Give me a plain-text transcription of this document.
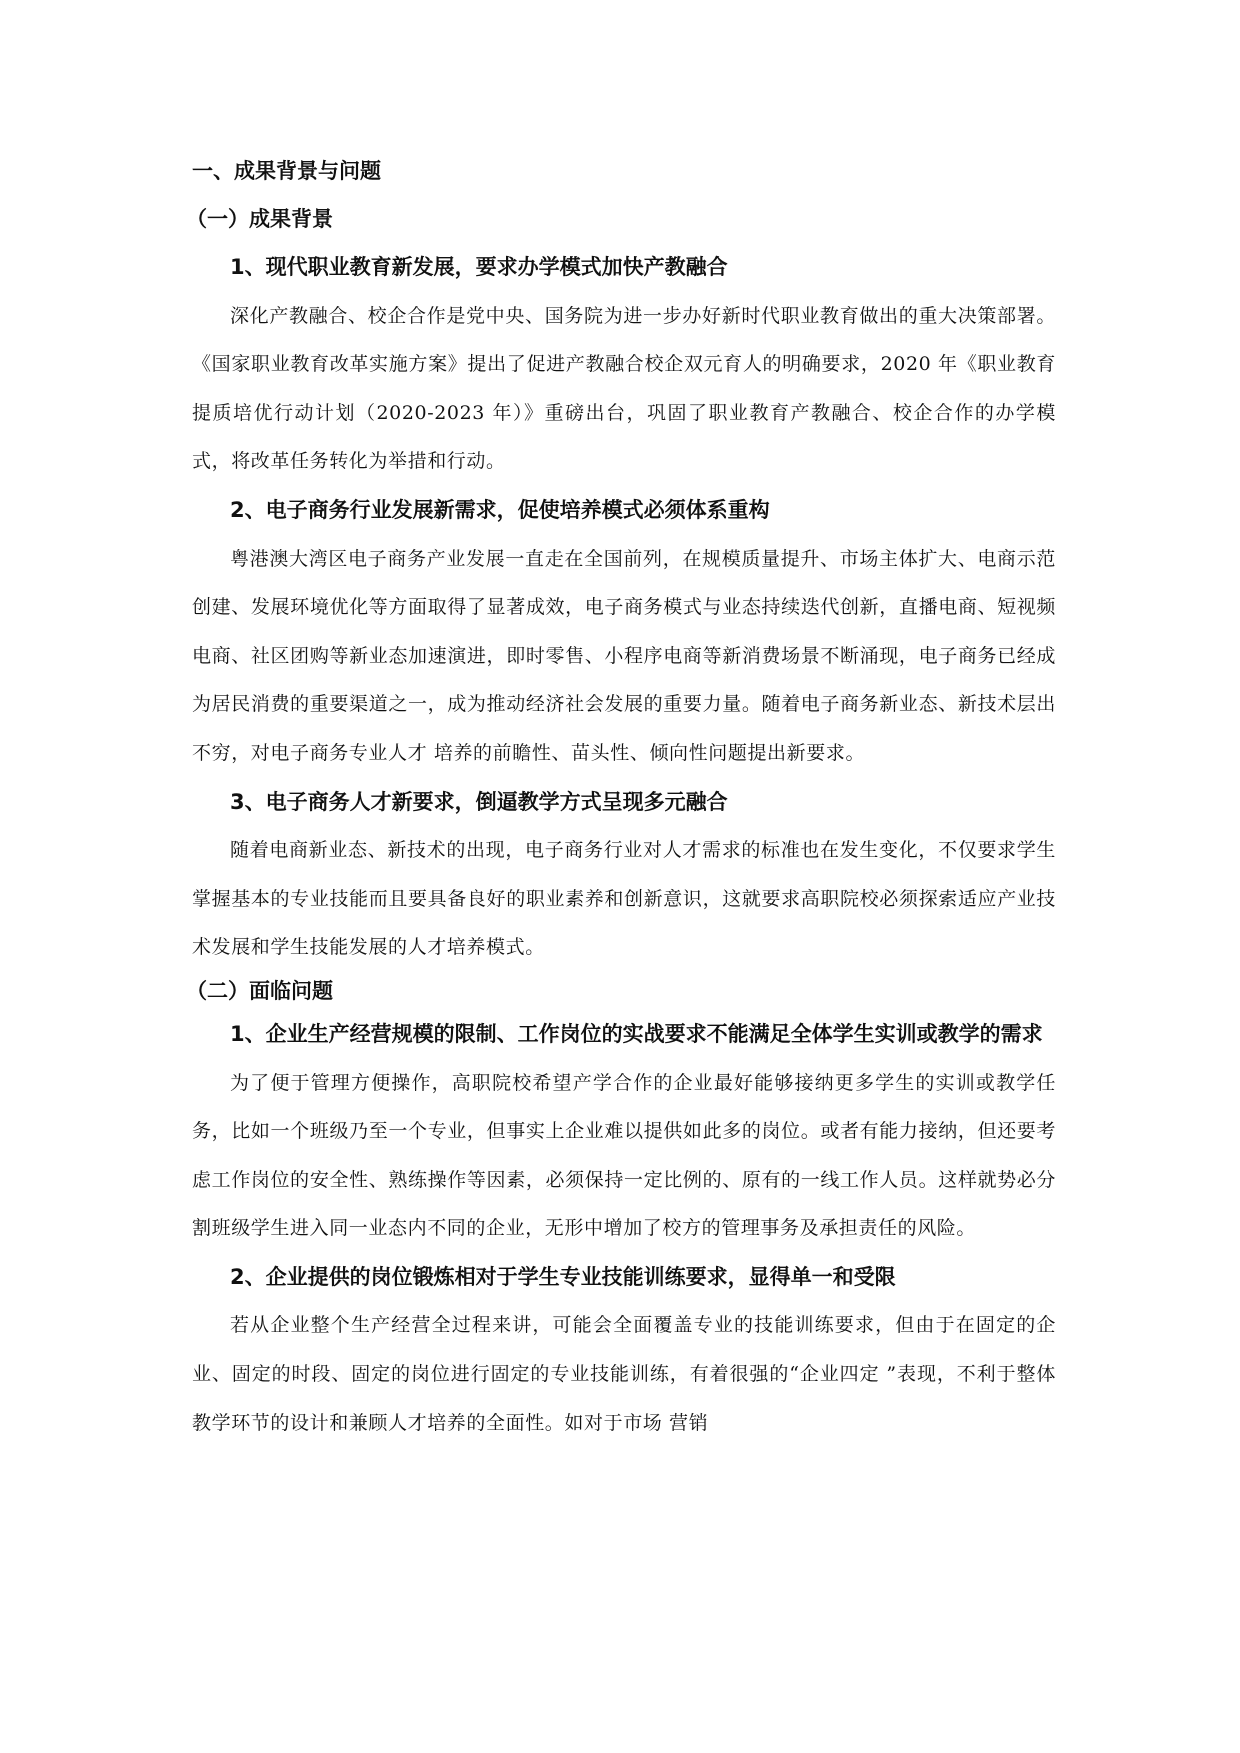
一、成果背景与问题
（一）成果背景
1、现代职业教育新发展，要求办学模式加快产教融合
深化产教融合、校企合作是党中央、国务院为进一步办好新时代职业教育做出的重大决策部署。《国家职业教育改革实施方案》提出了促进产教融合校企双元育人的明确要求，2020 年《职业教育提质培优行动计划（2020-2023 年）》重磅出台，巩固了职业教育产教融合、校企合作的办学模式，将改革任务转化为举措和行动。
2、电子商务行业发展新需求，促使培养模式必须体系重构
粤港澳大湾区电子商务产业发展一直走在全国前列，在规模质量提升、市场主体扩大、电商示范创建、发展环境优化等方面取得了显著成效，电子商务模式与业态持续迭代创新，直播电商、短视频电商、社区团购等新业态加速演进，即时零售、小程序电商等新消费场景不断涌现，电子商务已经成为居民消费的重要渠道之一，成为推动经济社会发展的重要力量。随着电子商务新业态、新技术层出不穷，对电子商务专业人才 培养的前瞻性、苗头性、倾向性问题提出新要求。
3、电子商务人才新要求，倒逼教学方式呈现多元融合
随着电商新业态、新技术的出现，电子商务行业对人才需求的标准也在发生变化，不仅要求学生掌握基本的专业技能而且要具备良好的职业素养和创新意识，这就要求高职院校必须探索适应产业技术发展和学生技能发展的人才培养模式。
（二）面临问题
1、企业生产经营规模的限制、工作岗位的实战要求不能满足全体学生实训或教学的需求
为了便于管理方便操作，高职院校希望产学合作的企业最好能够接纳更多学生的实训或教学任务，比如一个班级乃至一个专业，但事实上企业难以提供如此多的岗位。或者有能力接纳，但还要考虑工作岗位的安全性、熟练操作等因素，必须保持一定比例的、原有的一线工作人员。这样就势必分割班级学生进入同一业态内不同的企业，无形中增加了校方的管理事务及承担责任的风险。
2、企业提供的岗位锻炼相对于学生专业技能训练要求，显得单一和受限
若从企业整个生产经营全过程来讲，可能会全面覆盖专业的技能训练要求，但由于在固定的企业、固定的时段、固定的岗位进行固定的专业技能训练，有着很强的“企业四定 ”表现，不利于整体教学环节的设计和兼顾人才培养的全面性。如对于市场 营销
